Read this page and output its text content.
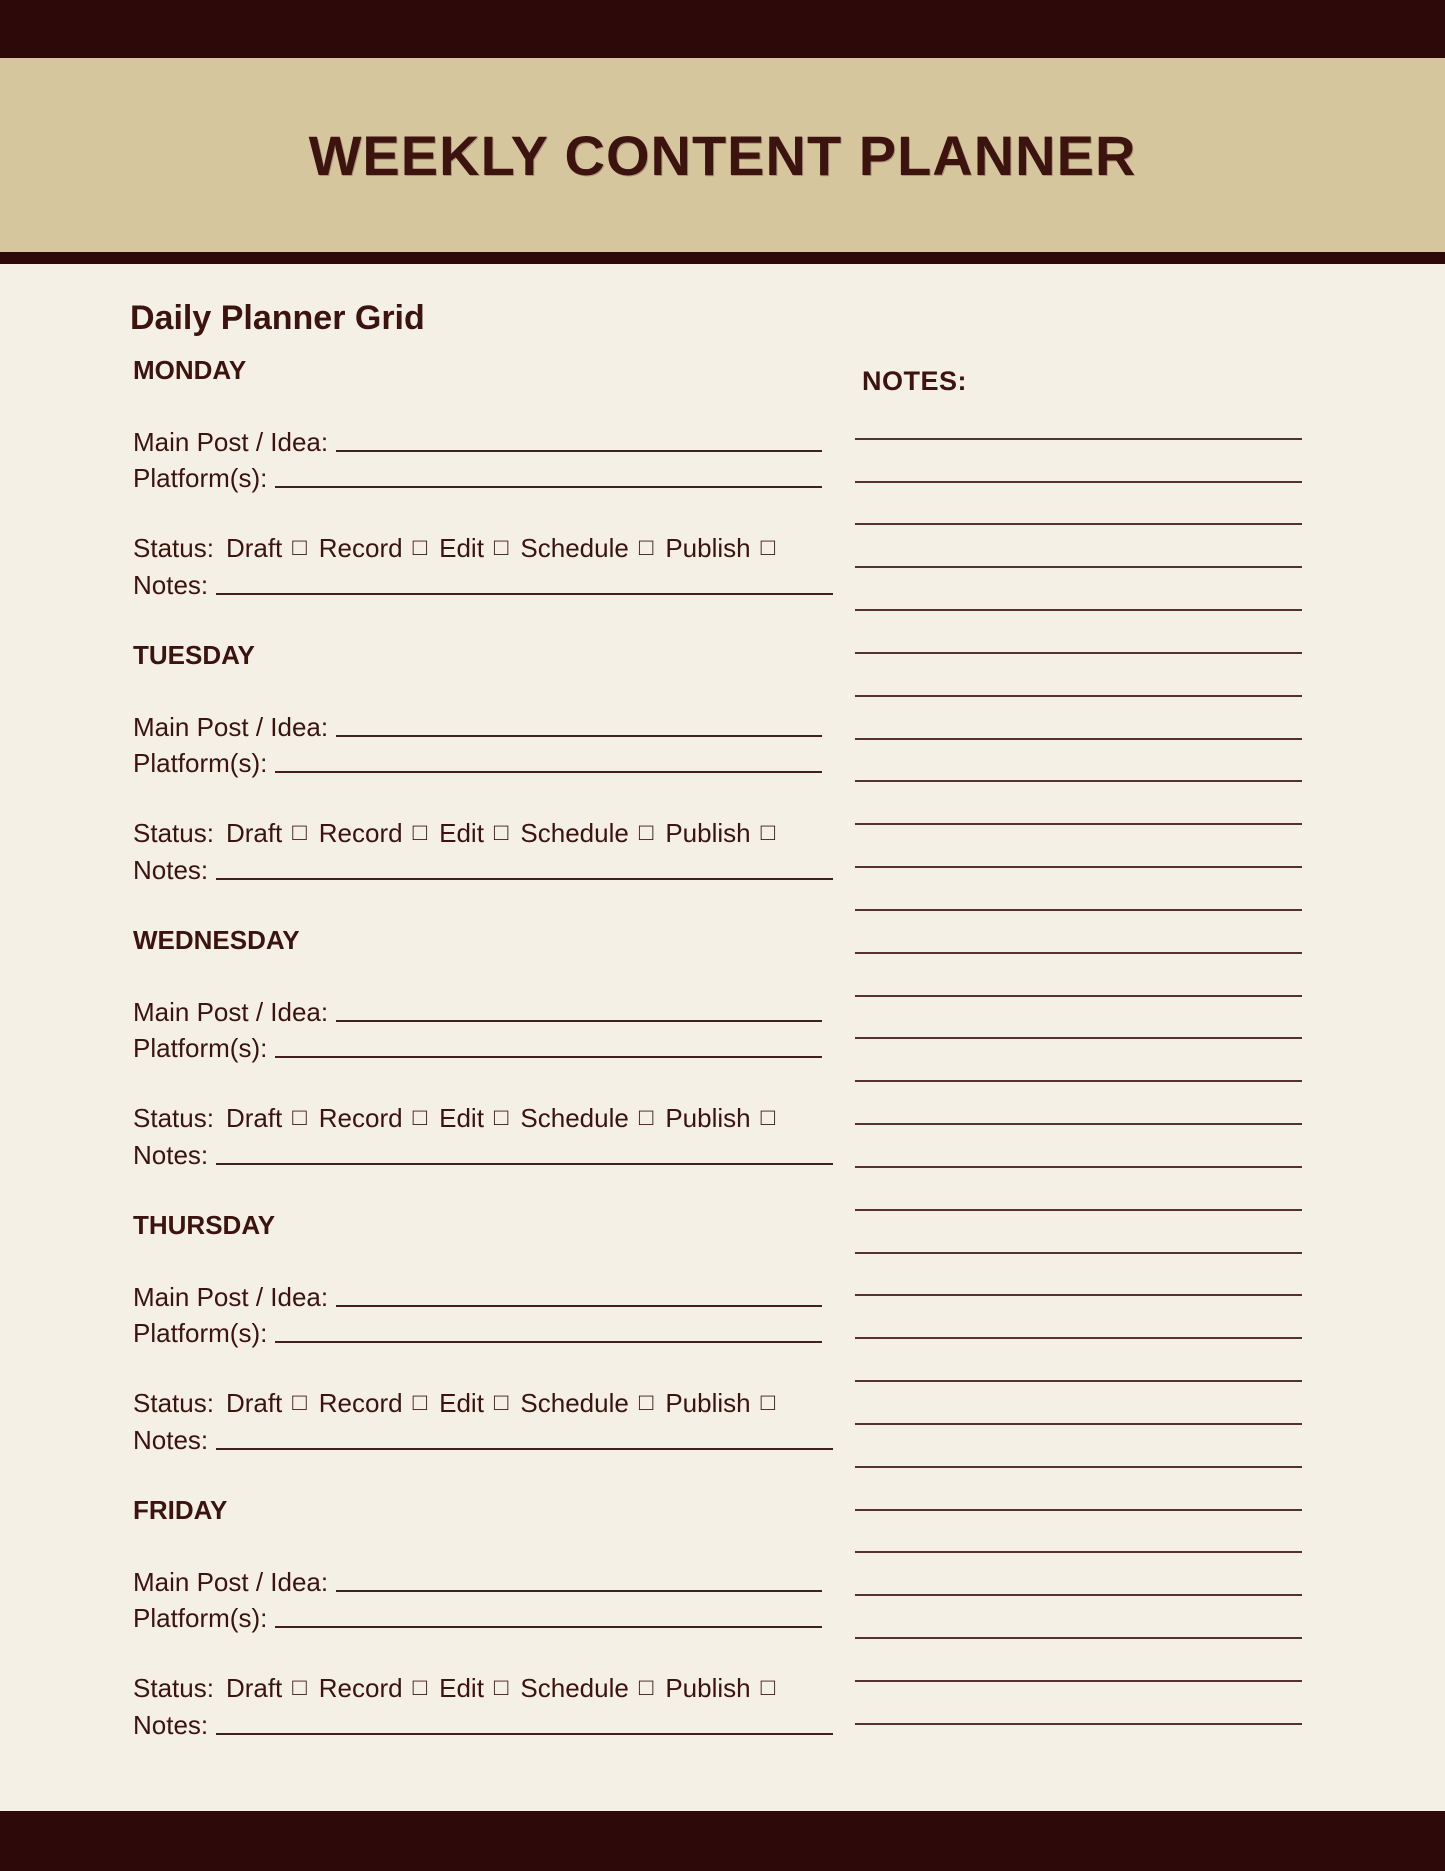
WEEKLY CONTENT PLANNER
Daily Planner Grid
MONDAY
Main Post / Idea:
Platform(s):
Status: Draft □ Record □ Edit □ Schedule □ Publish □
Notes:
TUESDAY
Main Post / Idea:
Platform(s):
Status: Draft □ Record □ Edit □ Schedule □ Publish □
Notes:
WEDNESDAY
Main Post / Idea:
Platform(s):
Status: Draft □ Record □ Edit □ Schedule □ Publish □
Notes:
THURSDAY
Main Post / Idea:
Platform(s):
Status: Draft □ Record □ Edit □ Schedule □ Publish □
Notes:
FRIDAY
Main Post / Idea:
Platform(s):
Status: Draft □ Record □ Edit □ Schedule □ Publish □
Notes:
NOTES:
